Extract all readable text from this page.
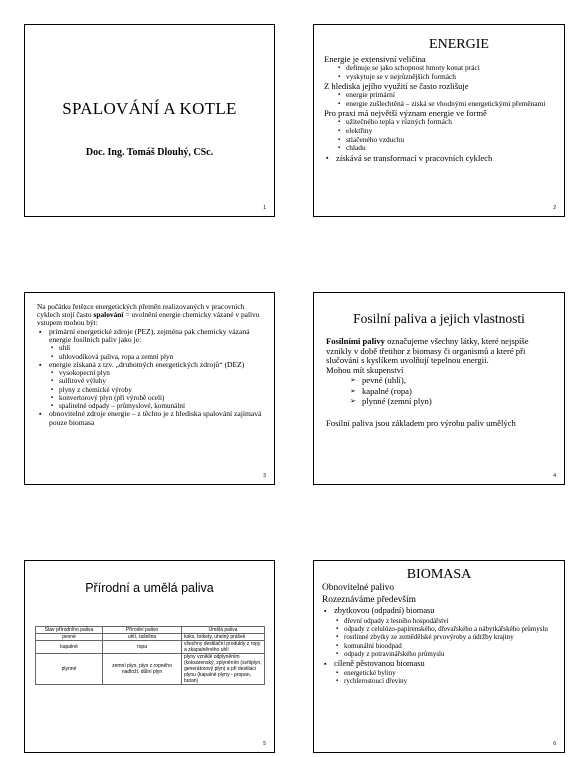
SPALOVÁNÍ A KOTLE
Doc. Ing. Tomáš Dlouhý, CSc.
1
ENERGIE
Energie je extensivní veličina
▪ definuje se jako schopnost hmoty konat práci
▪ vyskytuje se v nejrůznějších formách
Z hlediska jejího využití se často rozlišuje
▪ energie primární
▪ energie zušlechtěná – získá se vhodnými energetickými přeměnami
Pro praxi má největší význam energie ve formě
▪ užitečného tepla v různých formách
▪ elektřiny
▪ stlačeného vzduchu
▪ chladu
▪ získává se transformací v pracovních cyklech
2
Na počátku řetězce energetických přeměn realizovaných v pracovních cyklech stojí často spalování = uvolnění energie chemicky vázané v palivu
vstupem mohou být:
▪ primární energetické zdroje (PEZ), zejména pak chemicky vázaná energie fosilních paliv jako je:
▪ uhlí
▪ uhlovodíková paliva, ropa a zemní plyn
▪ energie získaná z tzv. „druhotných energetických zdrojů“ (DEZ)
▪ vysokopecní plyn
▪ sulfitové výluhy
▪ plyny z chemické výroby
▪ konvertorový plyn (při výrobě oceli)
▪ spalitelné odpady – průmyslové, komunální
▪ obnovitelné zdroje energie – z těchto je z hlediska spalování zajímavá pouze biomasa
3
Fosilní paliva a jejich vlastnosti
Fosilními palivy označujeme všechny látky, které nejspíše vznikly v době třetihor z biomasy či organismů a které při slučování s kyslíkem uvolňují tepelnou energii.
Mohou mít skupenství
➢ pevné (uhlí),
➢ kapalné (ropa)
➢ plynné (zemní plyn)
Fosilní paliva jsou základem pro výrobu paliv umělých
4
Přírodní a umělá paliva
Stav přírodního paliva	Přírodní palivo	Umělá paliva
pevné	uhlí, rašelina	koks, brikety, uhelný prášek
kapalné	ropa	všechny destilační produkty z ropy a zkapalněného uhlí
plynné	zemní plyn, plyn z ropného nadloží, důlní plyn	plyny vzniklé odplyněním (koksárenský, zplyněním (svítiplyn, generátorový plyn) a při destilaci plynu (kapalné plyny - propan, butan)
5
BIOMASA
Obnovitelné palivo
Rozeznáváme především
▪ zbytkovou (odpadní) biomasu
▪ dřevní odpady z lesního hospodářství
▪ odpady z celulózo-papírenského, dřevařského a nábytkářského průmyslu
▪ rostlinné zbytky ze zemědělské prvovýroby a údržby krajiny
▪ komunální bioodpad
▪ odpady z potravinářského průmyslu
▪ cíleně pěstovanou biomasu
▪ energetické byliny
▪ rychlerostoucí dřeviny
6
